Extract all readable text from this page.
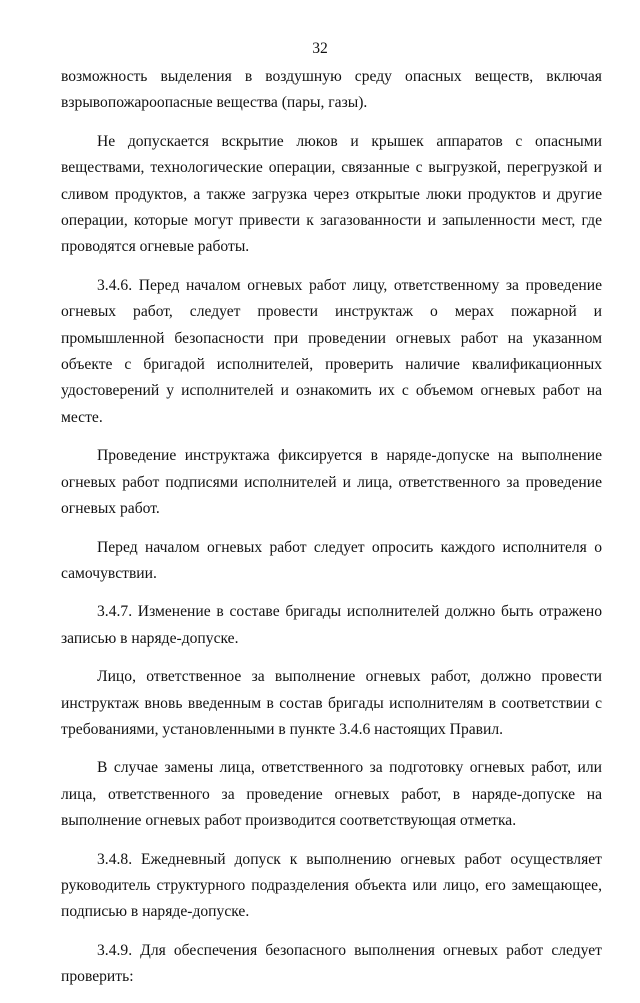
32

возможность выделения в воздушную среду опасных веществ, включая взрывопожароопасные вещества (пары, газы).

Не допускается вскрытие люков и крышек аппаратов с опасными веществами, технологические операции, связанные с выгрузкой, перегрузкой и сливом продуктов, а также загрузка через открытые люки продуктов и другие операции, которые могут привести к загазованности и запыленности мест, где проводятся огневые работы.

3.4.6. Перед началом огневых работ лицу, ответственному за проведение огневых работ, следует провести инструктаж о мерах пожарной и промышленной безопасности при проведении огневых работ на указанном объекте с бригадой исполнителей, проверить наличие квалификационных удостоверений у исполнителей и ознакомить их с объемом огневых работ на месте.

Проведение инструктажа фиксируется в наряде-допуске на выполнение огневых работ подписями исполнителей и лица, ответственного за проведение огневых работ.

Перед началом огневых работ следует опросить каждого исполнителя о самочувствии.

3.4.7. Изменение в составе бригады исполнителей должно быть отражено записью в наряде-допуске.

Лицо, ответственное за выполнение огневых работ, должно провести инструктаж вновь введенным в состав бригады исполнителям в соответствии с требованиями, установленными в пункте 3.4.6 настоящих Правил.

В случае замены лица, ответственного за подготовку огневых работ, или лица, ответственного за проведение огневых работ, в наряде-допуске на выполнение огневых работ производится соответствующая отметка.

3.4.8. Ежедневный допуск к выполнению огневых работ осуществляет руководитель структурного подразделения объекта или лицо, его замещающее, подписью в наряде-допуске.

3.4.9. Для обеспечения безопасного выполнения огневых работ следует проверить:
